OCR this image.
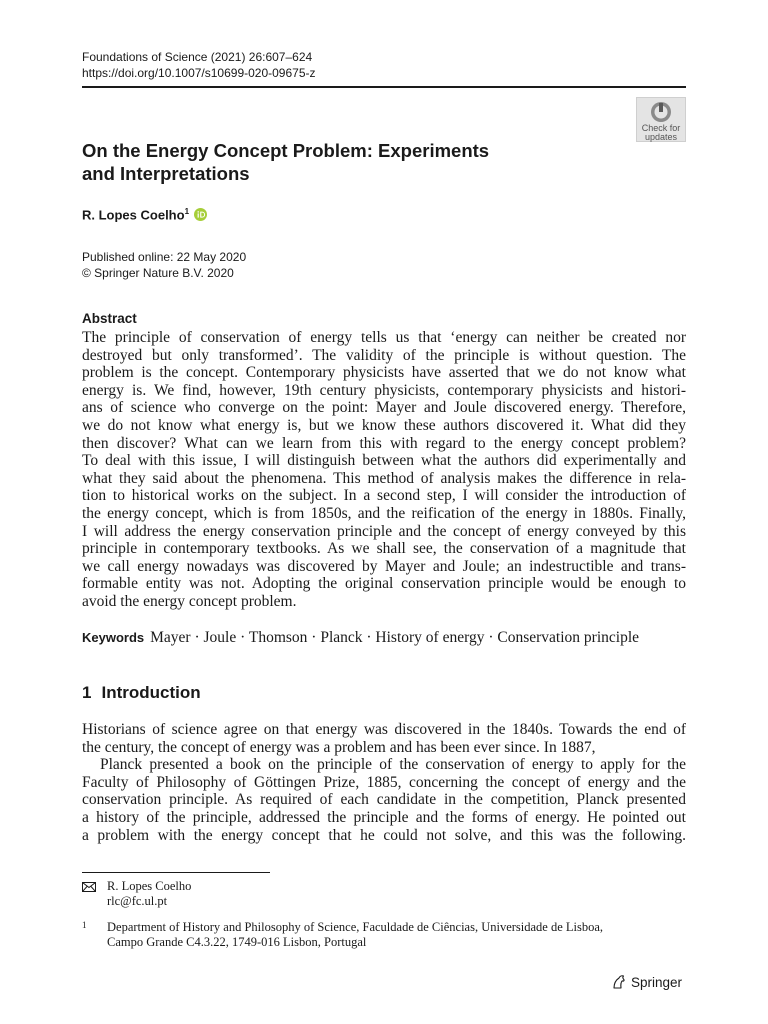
Foundations of Science (2021) 26:607–624
https://doi.org/10.1007/s10699-020-09675-z
Check for
updates
On the Energy Concept Problem: Experiments
and Interpretations
R. Lopes Coelho$^1$
Published online: 22 May 2020
© Springer Nature B.V. 2020
Abstract
The principle of conservation of energy tells us that ‘energy can neither be created nor
destroyed but only transformed’. The validity of the principle is without question. The
problem is the concept. Contemporary physicists have asserted that we do not know what
energy is. We find, however, 19th century physicists, contemporary physicists and histori-
ans of science who converge on the point: Mayer and Joule discovered energy. Therefore,
we do not know what energy is, but we know these authors discovered it. What did they
then discover? What can we learn from this with regard to the energy concept problem?
To deal with this issue, I will distinguish between what the authors did experimentally and
what they said about the phenomena. This method of analysis makes the difference in rela-
tion to historical works on the subject. In a second step, I will consider the introduction of
the energy concept, which is from 1850s, and the reification of the energy in 1880s. Finally,
I will address the energy conservation principle and the concept of energy conveyed by this
principle in contemporary textbooks. As we shall see, the conservation of a magnitude that
we call energy nowadays was discovered by Mayer and Joule; an indestructible and trans-
formable entity was not. Adopting the original conservation principle would be enough to
avoid the energy concept problem.
Keywords Mayer · Joule · Thomson · Planck · History of energy · Conservation principle
1 Introduction
Historians of science agree on that energy was discovered in the 1840s. Towards the end of
the century, the concept of energy was a problem and has been ever since. In 1887,
Planck presented a book on the principle of the conservation of energy to apply for the
Faculty of Philosophy of Göttingen Prize, 1885, concerning the concept of energy and the
conservation principle. As required of each candidate in the competition, Planck presented
a history of the principle, addressed the principle and the forms of energy. He pointed out
a problem with the energy concept that he could not solve, and this was the following.
R. Lopes Coelho
rlc@fc.ul.pt
1 Department of History and Philosophy of Science, Faculdade de Ciências, Universidade de Lisboa,
Campo Grande C4.3.22, 1749-016 Lisbon, Portugal
Springer
